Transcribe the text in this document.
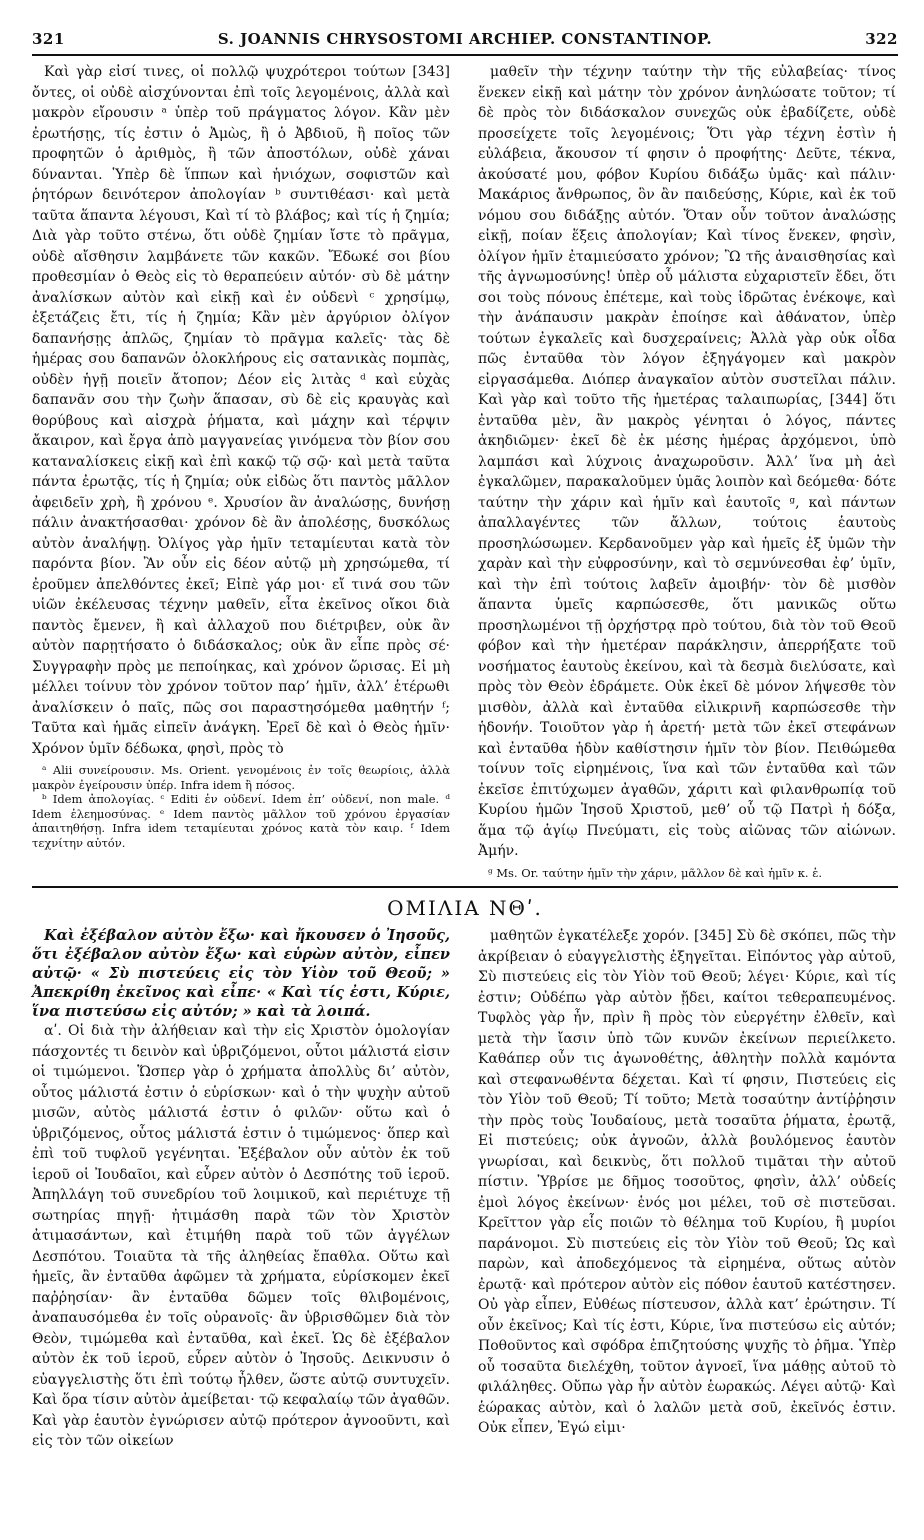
321	S. JOANNIS CHRYSOSTOMI ARCHIEP. CONSTANTINOP.	322

Καὶ γὰρ εἰσί τινες, οἱ πολλῷ ψυχρότεροι τούτων [343] ὄντες, οἱ οὐδὲ αἰσχύνονται ἐπὶ τοῖς λεγομένοις, ἀλλὰ καὶ μακρὸν εἴρουσιν ᵃ ὑπὲρ τοῦ πράγματος λόγον. Κἂν μὲν ἐρωτήσῃς, τίς ἐστιν ὁ Ἀμὼς, ἢ ὁ Ἀβδιοῦ, ἢ ποῖος τῶν προφητῶν ὁ ἀριθμὸς, ἢ τῶν ἀποστόλων, οὐδὲ χάναι δύνανται. Ὑπὲρ δὲ ἵππων καὶ ἡνιόχων, σοφιστῶν καὶ ῥητόρων δεινότερον ἀπολογίαν ᵇ συντιθέασι· καὶ μετὰ ταῦτα ἅπαντα λέγουσι, Καὶ τί τὸ βλάβος; καὶ τίς ἡ ζημία; Διὰ γὰρ τοῦτο στένω, ὅτι οὐδὲ ζημίαν ἴστε τὸ πρᾶγμα, οὐδὲ αἴσθησιν λαμβάνετε τῶν κακῶν. Ἔδωκέ σοι βίου προθεσμίαν ὁ Θεὸς εἰς τὸ θεραπεύειν αὐτόν· σὺ δὲ μάτην ἀναλίσκων αὐτὸν καὶ εἰκῇ καὶ ἐν οὐδενὶ ᶜ χρησίμῳ, ἐξετάζεις ἔτι, τίς ἡ ζημία; Κἂν μὲν ἀργύριον ὀλίγον δαπανήσῃς ἁπλῶς, ζημίαν τὸ πρᾶγμα καλεῖς· τὰς δὲ ἡμέρας σου δαπανῶν ὁλοκλήρους εἰς σατανικὰς πομπὰς, οὐδὲν ἡγῇ ποιεῖν ἄτοπον; Δέον εἰς λιτὰς ᵈ καὶ εὐχὰς δαπανᾶν σου τὴν ζωὴν ἅπασαν, σὺ δὲ εἰς κραυγὰς καὶ θορύβους καὶ αἰσχρὰ ῥήματα, καὶ μάχην καὶ τέρψιν ἄκαιρον, καὶ ἔργα ἀπὸ μαγγανείας γινόμενα τὸν βίον σου καταναλίσκεις εἰκῇ καὶ ἐπὶ κακῷ τῷ σῷ· καὶ μετὰ ταῦτα πάντα ἐρωτᾷς, τίς ἡ ζημία; οὐκ εἰδὼς ὅτι παντὸς μᾶλλον ἀφειδεῖν χρὴ, ἢ χρόνου ᵉ. Χρυσίον ἂν ἀναλώσῃς, δυνήσῃ πάλιν ἀνακτήσασθαι· χρόνον δὲ ἂν ἀπολέσῃς, δυσκόλως αὐτὸν ἀναλήψῃ. Ὀλίγος γὰρ ἡμῖν τεταμίευται κατὰ τὸν παρόντα βίον. Ἂν οὖν εἰς δέον αὐτῷ μὴ χρησώμεθα, τί ἐροῦμεν ἀπελθόντες ἐκεῖ; Εἰπὲ γάρ μοι· εἴ τινά σου τῶν υἱῶν ἐκέλευσας τέχνην μαθεῖν, εἶτα ἐκεῖνος οἴκοι διὰ παντὸς ἔμενεν, ἢ καὶ ἀλλαχοῦ που διέτριβεν, οὐκ ἂν αὐτὸν παρῃτήσατο ὁ διδάσκαλος; οὐκ ἂν εἶπε πρὸς σέ· Συγγραφὴν πρὸς με πεποίηκας, καὶ χρόνον ὥρισας. Εἰ μὴ μέλλει τοίνυν τὸν χρόνον τοῦτον παρ’ ἡμῖν, ἀλλ’ ἑτέρωθι ἀναλίσκειν ὁ παῖς, πῶς σοι παραστησόμεθα μαθητήν ᶠ; Ταῦτα καὶ ἡμᾶς εἰπεῖν ἀνάγκη. Ἐρεῖ δὲ καὶ ὁ Θεὸς ἡμῖν· Χρόνον ὑμῖν δέδωκα, φησὶ, πρὸς τὸ

ᵃ Alii συνείρουσιν. Ms. Orient. γενομένοις ἐν τοῖς θεωρίοις, ἀλλὰ μακρὸν ἐγείρουσιν ὑπέρ. Infra idem ἢ πόσος.

ᵇ Idem ἀπολογίας. ᶜ Editi ἐν οὐδενί. Idem ἐπ’ οὐδενί, non male. ᵈ Idem ἐλεημοσύνας. ᵉ Idem παντὸς μᾶλλον τοῦ χρόνου ἐργασίαν ἀπαιτηθήσῃ. Infra idem τεταμίευται χρόνος κατὰ τὸν καιρ. ᶠ Idem τεχνίτην αὐτόν.

μαθεῖν τὴν τέχνην ταύτην τὴν τῆς εὐλαβείας· τίνος ἕνεκεν εἰκῇ καὶ μάτην τὸν χρόνον ἀνηλώσατε τοῦτον; τί δὲ πρὸς τὸν διδάσκαλον συνεχῶς οὐκ ἐβαδίζετε, οὐδὲ προσείχετε τοῖς λεγομένοις; Ὅτι γὰρ τέχνη ἐστὶν ἡ εὐλάβεια, ἄκουσον τί φησιν ὁ προφήτης· Δεῦτε, τέκνα, ἀκούσατέ μου, φόβον Κυρίου διδάξω ὑμᾶς· καὶ πάλιν· Μακάριος ἄνθρωπος, ὃν ἂν παιδεύσῃς, Κύριε, καὶ ἐκ τοῦ νόμου σου διδάξῃς αὐτόν. Ὅταν οὖν τοῦτον ἀναλώσῃς εἰκῇ, ποίαν ἕξεις ἀπολογίαν; Καὶ τίνος ἕνεκεν, φησὶν, ὀλίγον ἡμῖν ἐταμιεύσατο χρόνον; Ὢ τῆς ἀναισθησίας καὶ τῆς ἀγνωμοσύνης! ὑπὲρ οὗ μάλιστα εὐχαριστεῖν ἔδει, ὅτι σοι τοὺς πόνους ἐπέτεμε, καὶ τοὺς ἱδρῶτας ἐνέκοψε, καὶ τὴν ἀνάπαυσιν μακρὰν ἐποίησε καὶ ἀθάνατον, ὑπὲρ τούτων ἐγκαλεῖς καὶ δυσχεραίνεις; Ἀλλὰ γὰρ οὐκ οἶδα πῶς ἐνταῦθα τὸν λόγον ἐξηγάγομεν καὶ μακρὸν εἰργασάμεθα. Διόπερ ἀναγκαῖον αὐτὸν συστεῖλαι πάλιν. Καὶ γὰρ καὶ τοῦτο τῆς ἡμετέρας ταλαιπωρίας, [344] ὅτι ἐνταῦθα μὲν, ἂν μακρὸς γένηται ὁ λόγος, πάντες ἀκηδιῶμεν· ἐκεῖ δὲ ἐκ μέσης ἡμέρας ἀρχόμενοι, ὑπὸ λαμπάσι καὶ λύχνοις ἀναχωροῦσιν. Ἀλλ’ ἵνα μὴ ἀεὶ ἐγκαλῶμεν, παρακαλοῦμεν ὑμᾶς λοιπὸν καὶ δεόμεθα· δότε ταύτην τὴν χάριν καὶ ἡμῖν καὶ ἑαυτοῖς ᵍ, καὶ πάντων ἀπαλλαγέντες τῶν ἄλλων, τούτοις ἑαυτοὺς προσηλώσωμεν. Κερδανοῦμεν γὰρ καὶ ἡμεῖς ἐξ ὑμῶν τὴν χαρὰν καὶ τὴν εὐφροσύνην, καὶ τὸ σεμνύνεσθαι ἐφ’ ὑμῖν, καὶ τὴν ἐπὶ τούτοις λαβεῖν ἀμοιβήν· τὸν δὲ μισθὸν ἅπαντα ὑμεῖς καρπώσεσθε, ὅτι μανικῶς οὕτω προσηλωμένοι τῇ ὀρχήστρᾳ πρὸ τούτου, διὰ τὸν τοῦ Θεοῦ φόβον καὶ τὴν ἡμετέραν παράκλησιν, ἀπερρήξατε τοῦ νοσήματος ἑαυτοὺς ἐκείνου, καὶ τὰ δεσμὰ διελύσατε, καὶ πρὸς τὸν Θεὸν ἐδράμετε. Οὐκ ἐκεῖ δὲ μόνον λήψεσθε τὸν μισθὸν, ἀλλὰ καὶ ἐνταῦθα εἰλικρινῆ καρπώσεσθε τὴν ἡδονήν. Τοιοῦτον γὰρ ἡ ἀρετή· μετὰ τῶν ἐκεῖ στεφάνων καὶ ἐνταῦθα ἡδὺν καθίστησιν ἡμῖν τὸν βίον. Πειθώμεθα τοίνυν τοῖς εἰρημένοις, ἵνα καὶ τῶν ἐνταῦθα καὶ τῶν ἐκεῖσε ἐπιτύχωμεν ἀγαθῶν, χάριτι καὶ φιλανθρωπίᾳ τοῦ Κυρίου ἡμῶν Ἰησοῦ Χριστοῦ, μεθ’ οὗ τῷ Πατρὶ ἡ δόξα, ἅμα τῷ ἁγίῳ Πνεύματι, εἰς τοὺς αἰῶνας τῶν αἰώνων. Ἀμήν.

ᵍ Ms. Or. ταύτην ἡμῖν τὴν χάριν, μᾶλλον δὲ καὶ ἡμῖν κ. ἑ.

ΟΜΙΛΙΑ ΝΘʹ.

Καὶ ἐξέβαλον αὐτὸν ἔξω· καὶ ἤκουσεν ὁ Ἰησοῦς, ὅτι ἐξέβαλον αὐτὸν ἔξω· καὶ εὑρὼν αὐτὸν, εἶπεν αὐτῷ· « Σὺ πιστεύεις εἰς τὸν Υἱὸν τοῦ Θεοῦ; » Ἀπεκρίθη ἐκεῖνος καὶ εἶπε· « Καὶ τίς ἐστι, Κύριε, ἵνα πιστεύσω εἰς αὐτόν; » καὶ τὰ λοιπά.

αʹ. Οἱ διὰ τὴν ἀλήθειαν καὶ τὴν εἰς Χριστὸν ὁμολογίαν πάσχοντές τι δεινὸν καὶ ὑβριζόμενοι, οὗτοι μάλιστά εἰσιν οἱ τιμώμενοι. Ὥσπερ γὰρ ὁ χρήματα ἀπολλὺς δι’ αὐτὸν, οὗτος μάλιστά ἐστιν ὁ εὑρίσκων· καὶ ὁ τὴν ψυχὴν αὐτοῦ μισῶν, αὐτὸς μάλιστά ἐστιν ὁ φιλῶν· οὕτω καὶ ὁ ὑβριζόμενος, οὗτος μάλιστά ἐστιν ὁ τιμώμενος· ὅπερ καὶ ἐπὶ τοῦ τυφλοῦ γεγένηται. Ἐξέβαλον οὖν αὐτὸν ἐκ τοῦ ἱεροῦ οἱ Ἰουδαῖοι, καὶ εὗρεν αὐτὸν ὁ Δεσπότης τοῦ ἱεροῦ. Ἀπηλλάγη τοῦ συνεδρίου τοῦ λοιμικοῦ, καὶ περιέτυχε τῇ σωτηρίας πηγῇ· ἠτιμάσθη παρὰ τῶν τὸν Χριστὸν ἀτιμασάντων, καὶ ἐτιμήθη παρὰ τοῦ τῶν ἀγγέλων Δεσπότου. Τοιαῦτα τὰ τῆς ἀληθείας ἔπαθλα. Οὕτω καὶ ἡμεῖς, ἂν ἐνταῦθα ἀφῶμεν τὰ χρήματα, εὑρίσκομεν ἐκεῖ παῤῥησίαν· ἂν ἐνταῦθα δῶμεν τοῖς θλιβομένοις, ἀναπαυσόμεθα ἐν τοῖς οὐρανοῖς· ἂν ὑβρισθῶμεν διὰ τὸν Θεὸν, τιμώμεθα καὶ ἐνταῦθα, καὶ ἐκεῖ. Ὡς δὲ ἐξέβαλον αὐτὸν ἐκ τοῦ ἱεροῦ, εὗρεν αὐτὸν ὁ Ἰησοῦς. Δεικνυσιν ὁ εὐαγγελιστὴς ὅτι ἐπὶ τούτῳ ἦλθεν, ὥστε αὐτῷ συντυχεῖν. Καὶ ὅρα τίσιν αὐτὸν ἀμείβεται· τῷ κεφαλαίῳ τῶν ἀγαθῶν. Καὶ γὰρ ἑαυτὸν ἐγνώρισεν αὐτῷ πρότερον ἀγνοοῦντι, καὶ εἰς τὸν τῶν οἰκείων

μαθητῶν ἐγκατέλεξε χορόν. [345] Σὺ δὲ σκόπει, πῶς τὴν ἀκρίβειαν ὁ εὐαγγελιστὴς ἐξηγεῖται. Εἰπόντος γὰρ αὐτοῦ, Σὺ πιστεύεις εἰς τὸν Υἱὸν τοῦ Θεοῦ; λέγει· Κύριε, καὶ τίς ἐστιν; Οὐδέπω γὰρ αὐτὸν ᾔδει, καίτοι τεθεραπευμένος. Τυφλὸς γὰρ ἦν, πρὶν ἢ πρὸς τὸν εὐεργέτην ἐλθεῖν, καὶ μετὰ τὴν ἴασιν ὑπὸ τῶν κυνῶν ἐκείνων περιείλκετο. Καθάπερ οὖν τις ἀγωνοθέτης, ἀθλητὴν πολλὰ καμόντα καὶ στεφανωθέντα δέχεται. Καὶ τί φησιν, Πιστεύεις εἰς τὸν Υἱὸν τοῦ Θεοῦ; Τί τοῦτο; Μετὰ τοσαύτην ἀντίῤῥησιν τὴν πρὸς τοὺς Ἰουδαίους, μετὰ τοσαῦτα ῥήματα, ἐρωτᾷ, Εἰ πιστεύεις; οὐκ ἀγνοῶν, ἀλλὰ βουλόμενος ἑαυτὸν γνωρίσαι, καὶ δεικνὺς, ὅτι πολλοῦ τιμᾶται τὴν αὐτοῦ πίστιν. Ὑβρίσε με δῆμος τοσοῦτος, φησὶν, ἀλλ’ οὐδείς ἐμοὶ λόγος ἐκείνων· ἑνός μοι μέλει, τοῦ σὲ πιστεῦσαι. Κρεῖττον γὰρ εἷς ποιῶν τὸ θέλημα τοῦ Κυρίου, ἢ μυρίοι παράνομοι. Σὺ πιστεύεις εἰς τὸν Υἱὸν τοῦ Θεοῦ; Ὡς καὶ παρὼν, καὶ ἀποδεχόμενος τὰ εἰρημένα, οὕτως αὐτὸν ἐρωτᾷ· καὶ πρότερον αὐτὸν εἰς πόθον ἑαυτοῦ κατέστησεν. Οὐ γὰρ εἶπεν, Εὐθέως πίστευσον, ἀλλὰ κατ’ ἐρώτησιν. Τί οὖν ἐκεῖνος; Καὶ τίς ἐστι, Κύριε, ἵνα πιστεύσω εἰς αὐτόν; Ποθοῦντος καὶ σφόδρα ἐπιζητούσης ψυχῆς τὸ ῥῆμα. Ὑπὲρ οὗ τοσαῦτα διελέχθη, τοῦτον ἀγνοεῖ, ἵνα μάθῃς αὐτοῦ τὸ φιλάληθες. Οὔπω γὰρ ἦν αὐτὸν ἑωρακώς. Λέγει αὐτῷ· Καὶ ἑώρακας αὐτὸν, καὶ ὁ λαλῶν μετὰ σοῦ, ἐκεῖνός ἐστιν. Οὐκ εἶπεν, Ἐγώ εἰμι·
